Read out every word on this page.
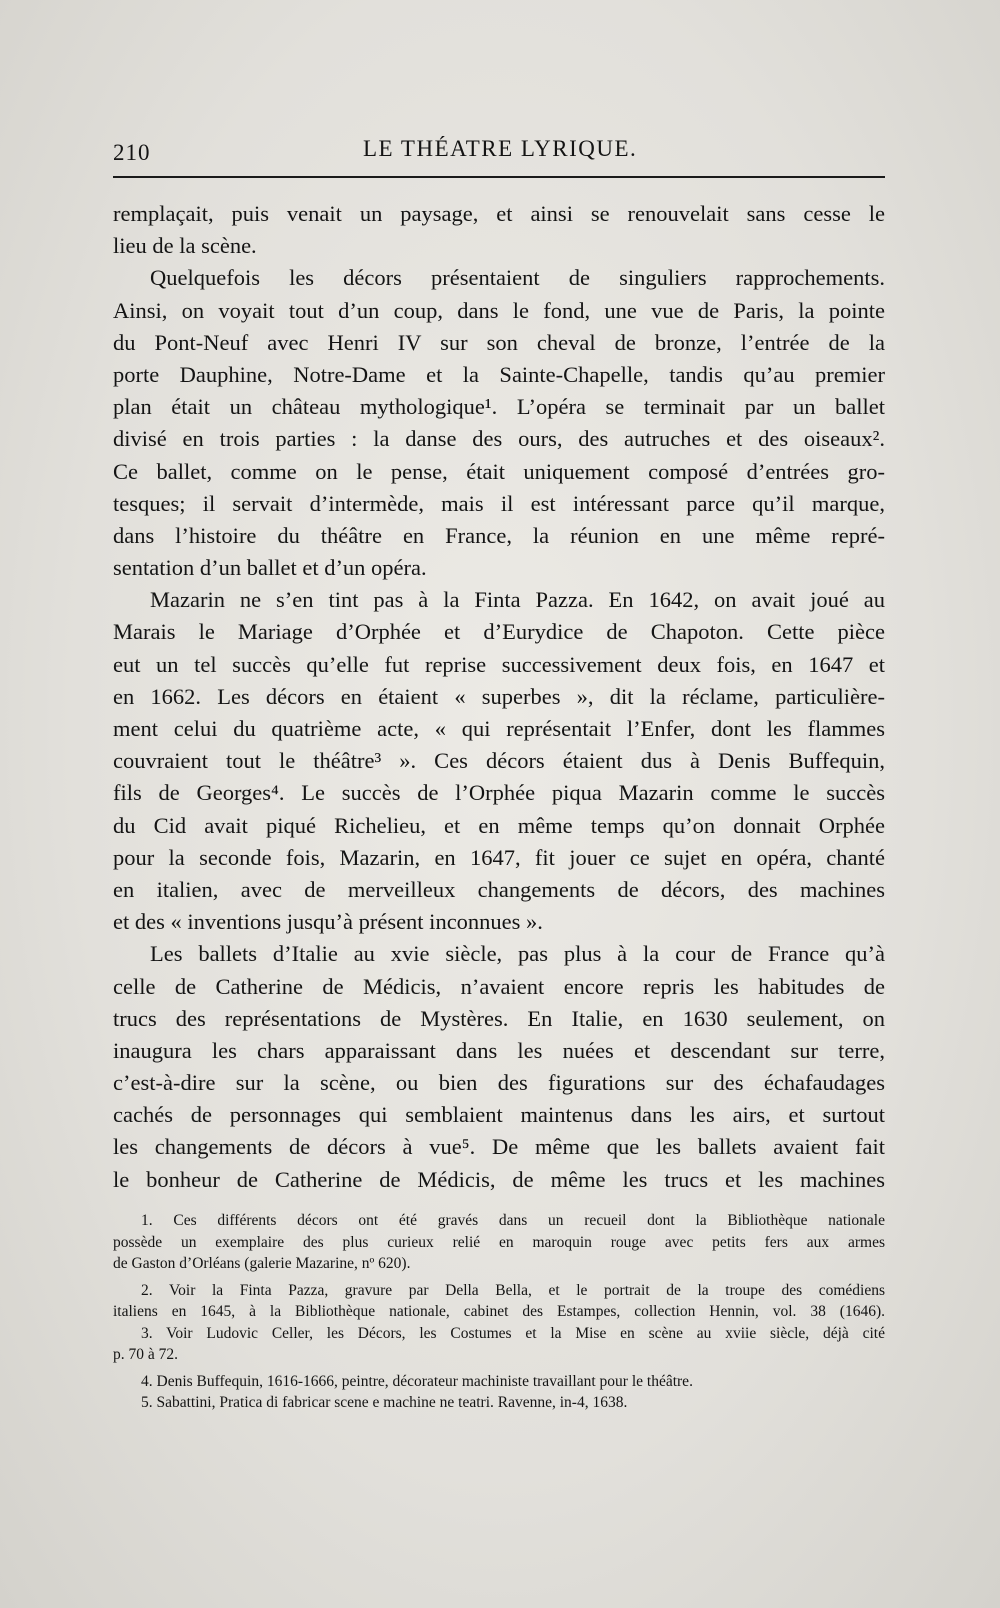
210	LE THÉATRE LYRIQUE.
remplaçait, puis venait un paysage, et ainsi se renouvelait sans cesse le
lieu de la scène.
Quelquefois les décors présentaient de singuliers rapprochements.
Ainsi, on voyait tout d’un coup, dans le fond, une vue de Paris, la pointe
du Pont-Neuf avec Henri IV sur son cheval de bronze, l’entrée de la
porte Dauphine, Notre-Dame et la Sainte-Chapelle, tandis qu’au premier
plan était un château mythologique¹. L’opéra se terminait par un ballet
divisé en trois parties : la danse des ours, des autruches et des oiseaux².
Ce ballet, comme on le pense, était uniquement composé d’entrées gro-
tesques; il servait d’intermède, mais il est intéressant parce qu’il marque,
dans l’histoire du théâtre en France, la réunion en une même repré-
sentation d’un ballet et d’un opéra.
Mazarin ne s’en tint pas à la Finta Pazza. En 1642, on avait joué au
Marais le Mariage d’Orphée et d’Eurydice de Chapoton. Cette pièce
eut un tel succès qu’elle fut reprise successivement deux fois, en 1647 et
en 1662. Les décors en étaient « superbes », dit la réclame, particulière-
ment celui du quatrième acte, « qui représentait l’Enfer, dont les flammes
couvraient tout le théâtre³ ». Ces décors étaient dus à Denis Buffequin,
fils de Georges⁴. Le succès de l’Orphée piqua Mazarin comme le succès
du Cid avait piqué Richelieu, et en même temps qu’on donnait Orphée
pour la seconde fois, Mazarin, en 1647, fit jouer ce sujet en opéra, chanté
en italien, avec de merveilleux changements de décors, des machines
et des « inventions jusqu’à présent inconnues ».
Les ballets d’Italie au xvie siècle, pas plus à la cour de France qu’à
celle de Catherine de Médicis, n’avaient encore repris les habitudes de
trucs des représentations de Mystères. En Italie, en 1630 seulement, on
inaugura les chars apparaissant dans les nuées et descendant sur terre,
c’est-à-dire sur la scène, ou bien des figurations sur des échafaudages
cachés de personnages qui semblaient maintenus dans les airs, et surtout
les changements de décors à vue⁵. De même que les ballets avaient fait
le bonheur de Catherine de Médicis, de même les trucs et les machines
1. Ces différents décors ont été gravés dans un recueil dont la Bibliothèque nationale
possède un exemplaire des plus curieux relié en maroquin rouge avec petits fers aux armes
de Gaston d’Orléans (galerie Mazarine, nº 620).
2. Voir la Finta Pazza, gravure par Della Bella, et le portrait de la troupe des comédiens
italiens en 1645, à la Bibliothèque nationale, cabinet des Estampes, collection Hennin, vol. 38 (1646).
3. Voir Ludovic Celler, les Décors, les Costumes et la Mise en scène au xviie siècle, déjà cité
p. 70 à 72.
4. Denis Buffequin, 1616-1666, peintre, décorateur machiniste travaillant pour le théâtre.
5. Sabattini, Pratica di fabricar scene e machine ne teatri. Ravenne, in-4, 1638.
